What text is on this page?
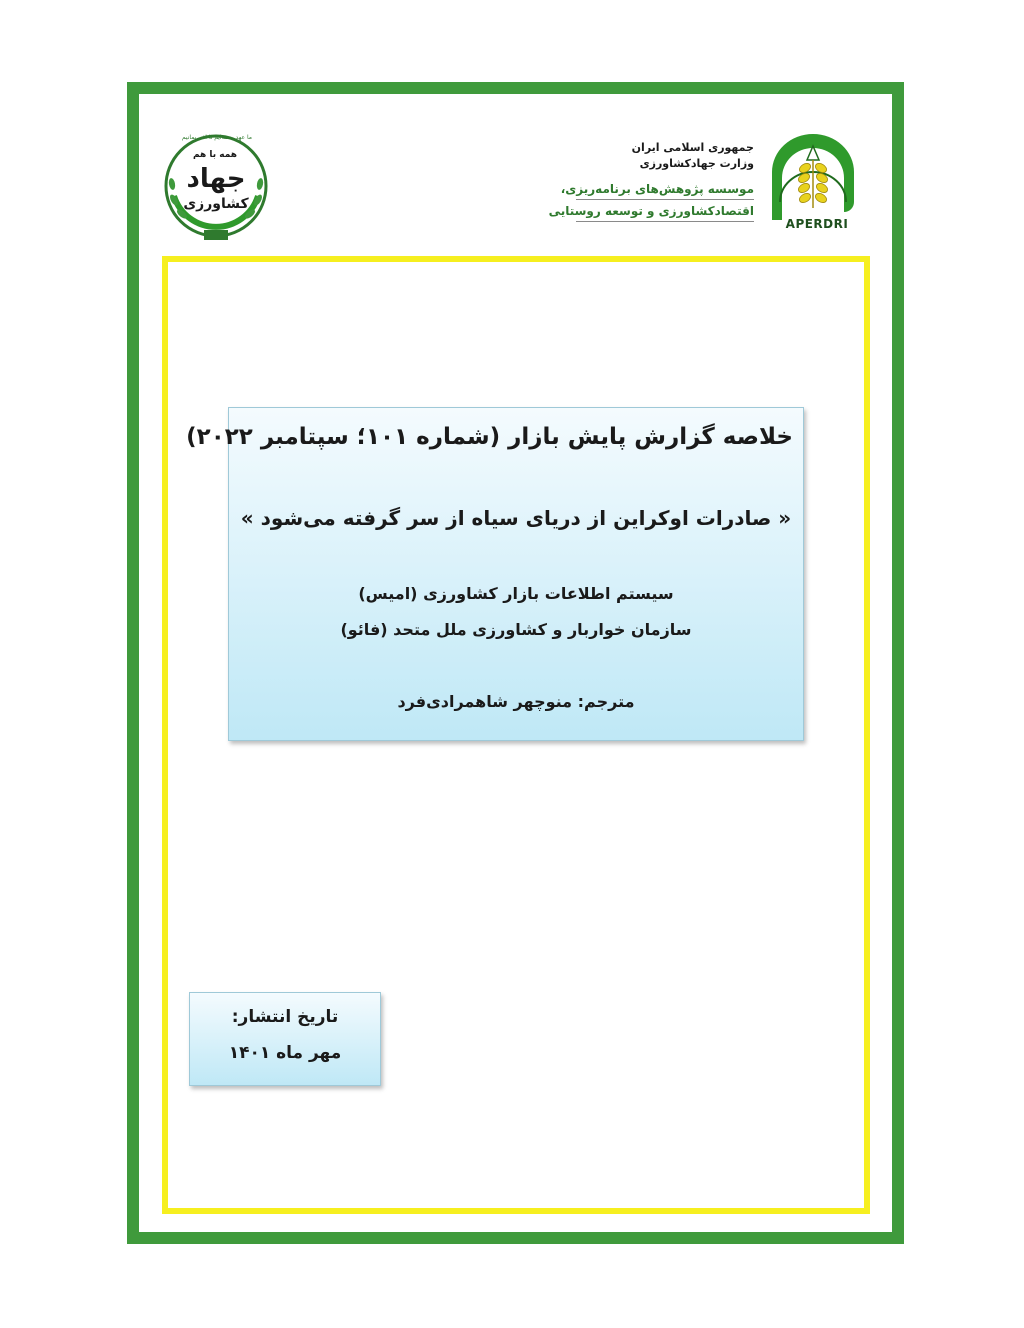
جمهوری اسلامی ایران
وزارت جهادکشاورزی
موسسه پژوهش‌های برنامه‌ریزی،
اقتصادکشاورزی و توسعه روستایی
APERDRI
ما عهد بسته‌ایم تا آخر بمانیم
همه با هم
جهاد
کشاورزی
خلاصه گزارش پایش بازار (شماره ۱۰۱؛ سپتامبر ۲۰۲۲)
« صادرات اوکراین از دریای سیاه از سر گرفته می‌شود »
سیستم اطلاعات بازار کشاورزی (امیس)
سازمان خواربار و کشاورزی ملل متحد (فائو)
مترجم: منوچهر شاهمرادی‌فرد
تاریخ انتشار:
مهر ماه ۱۴۰۱
